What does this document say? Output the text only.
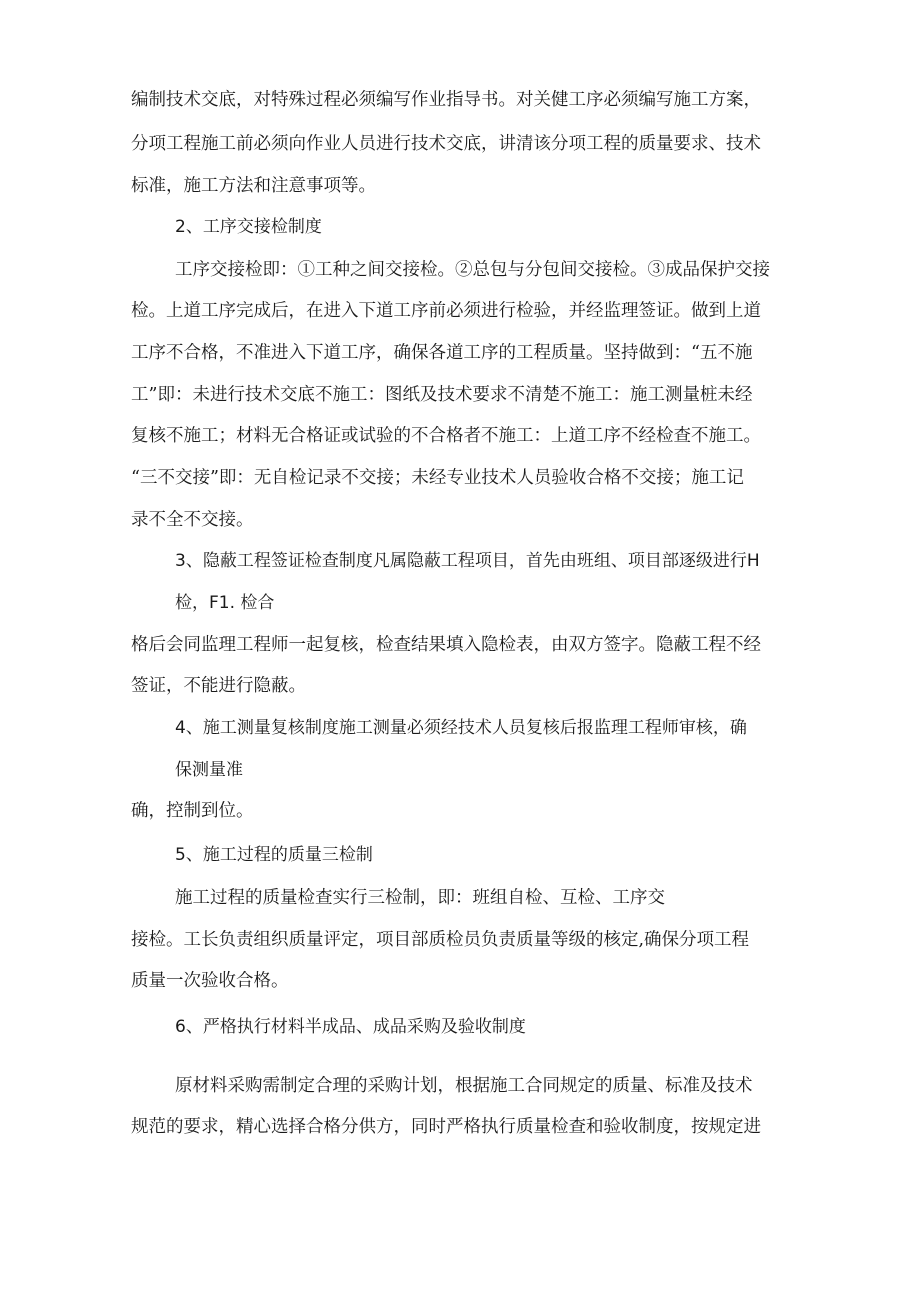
编制技术交底，对特殊过程必须编写作业指导书。对关健工序必须编写施工方案，
分项工程施工前必须向作业人员进行技术交底，讲清该分项工程的质量要求、技术
标准，施工方法和注意事项等。
2、工序交接检制度
工序交接检即：①工种之间交接检。②总包与分包间交接检。③成品保护交接
检。上道工序完成后，在进入下道工序前必须进行检验，并经监理签证。做到上道
工序不合格，不准进入下道工序，确保各道工序的工程质量。坚持做到：“五不施
工”即：未进行技术交底不施工：图纸及技术要求不清楚不施工：施工测量桩未经
复核不施工；材料无合格证或试验的不合格者不施工：上道工序不经检查不施工。
“三不交接”即：无自检记录不交接；未经专业技术人员验收合格不交接；施工记
录不全不交接。
3、隐蔽工程签证检查制度凡属隐蔽工程项目，首先由班组、项目部逐级进行H
检，F1. 检合
格后会同监理工程师一起复核，检查结果填入隐检表，由双方签字。隐蔽工程不经
签证，不能进行隐蔽。
4、施工测量复核制度施工测量必须经技术人员复核后报监理工程师审核，确
保测量准
确，控制到位。
5、施工过程的质量三检制
施工过程的质量检查实行三检制，即：班组自检、互检、工序交
接检。工长负责组织质量评定，项目部质检员负责质量等级的核定,确保分项工程
质量一次验收合格。
6、严格执行材料半成品、成品采购及验收制度
原材料采购需制定合理的采购计划，根据施工合同规定的质量、标准及技术
规范的要求，精心选择合格分供方，同时严格执行质量检查和验收制度，按规定进
